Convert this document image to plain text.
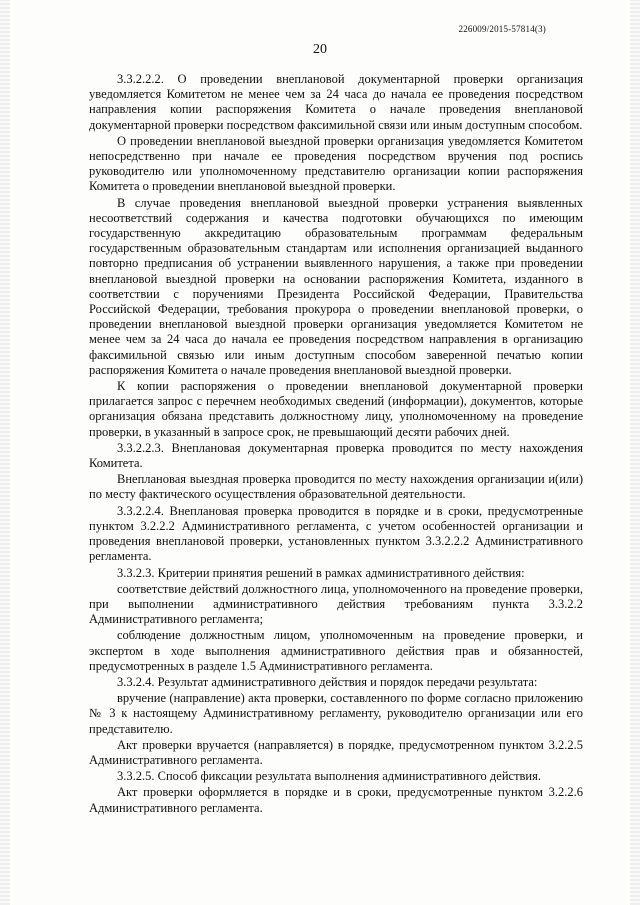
226009/2015-57814(3)
20

3.3.2.2.2. О проведении внеплановой документарной проверки организация уведомляется Комитетом не менее чем за 24 часа до начала ее проведения посредством направления копии распоряжения Комитета о начале проведения внеплановой документарной проверки посредством факсимильной связи или иным доступным способом.

О проведении внеплановой выездной проверки организация уведомляется Комитетом непосредственно при начале ее проведения посредством вручения под роспись руководителю или уполномоченному представителю организации копии распоряжения Комитета о проведении внеплановой выездной проверки.

В случае проведения внеплановой выездной проверки устранения выявленных несоответствий содержания и качества подготовки обучающихся по имеющим государственную аккредитацию образовательным программам федеральным государственным образовательным стандартам или исполнения организацией выданного повторно предписания об устранении выявленного нарушения, а также при проведении внеплановой выездной проверки на основании распоряжения Комитета, изданного в соответствии с поручениями Президента Российской Федерации, Правительства Российской Федерации, требования прокурора о проведении внеплановой проверки, о проведении внеплановой выездной проверки организация уведомляется Комитетом не менее чем за 24 часа до начала ее проведения посредством направления в организацию факсимильной связью или иным доступным способом заверенной печатью копии распоряжения Комитета о начале проведения внеплановой выездной проверки.

К копии распоряжения о проведении внеплановой документарной проверки прилагается запрос с перечнем необходимых сведений (информации), документов, которые организация обязана представить должностному лицу, уполномоченному на проведение проверки, в указанный в запросе срок, не превышающий десяти рабочих дней.

3.3.2.2.3. Внеплановая документарная проверка проводится по месту нахождения Комитета.

Внеплановая выездная проверка проводится по месту нахождения организации и(или) по месту фактического осуществления образовательной деятельности.

3.3.2.2.4. Внеплановая проверка проводится в порядке и в сроки, предусмотренные пунктом 3.2.2.2 Административного регламента, с учетом особенностей организации и проведения внеплановой проверки, установленных пунктом 3.3.2.2.2 Административного регламента.

3.3.2.3. Критерии принятия решений в рамках административного действия:

соответствие действий должностного лица, уполномоченного на проведение проверки, при выполнении административного действия требованиям пункта 3.3.2.2 Административного регламента;

соблюдение должностным лицом, уполномоченным на проведение проверки, и экспертом в ходе выполнения административного действия прав и обязанностей, предусмотренных в разделе 1.5 Административного регламента.

3.3.2.4. Результат административного действия и порядок передачи результата:

вручение (направление) акта проверки, составленного по форме согласно приложению № 3 к настоящему Административному регламенту, руководителю организации или его представителю.

Акт проверки вручается (направляется) в порядке, предусмотренном пунктом 3.2.2.5 Административного регламента.

3.3.2.5. Способ фиксации результата выполнения административного действия.

Акт проверки оформляется в порядке и в сроки, предусмотренные пунктом 3.2.2.6 Административного регламента.
